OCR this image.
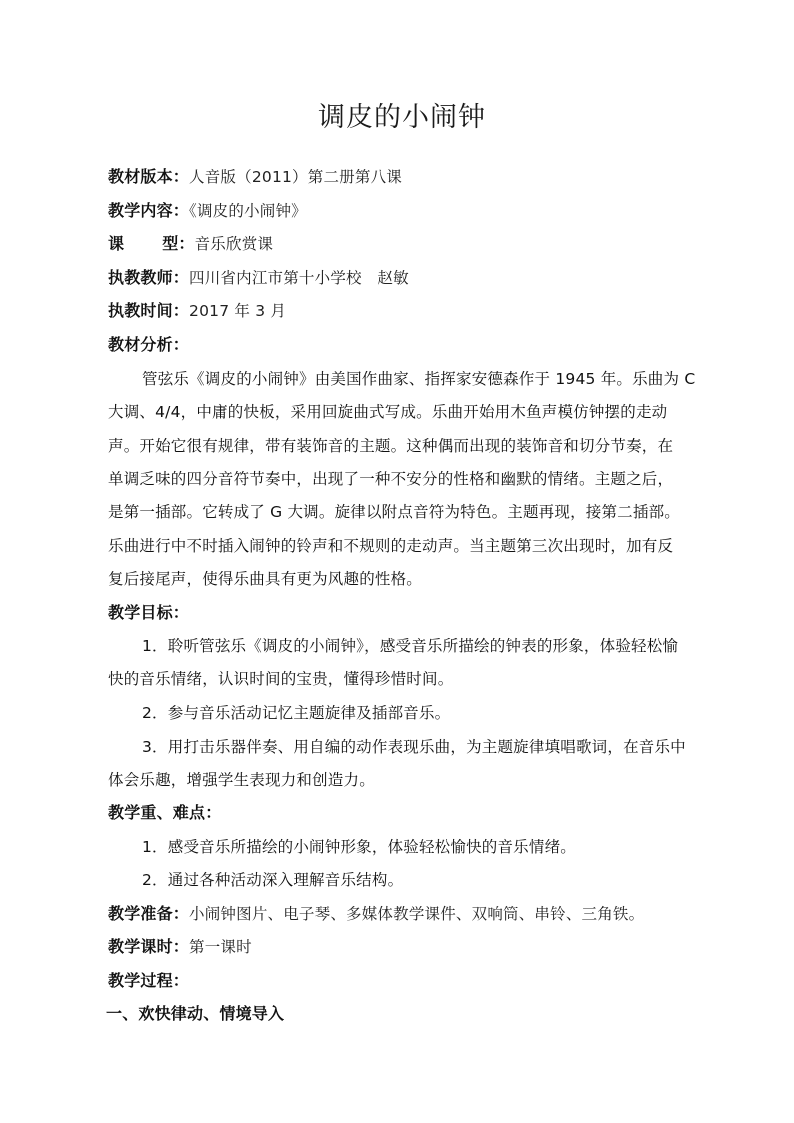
调皮的小闹钟
教材版本：人音版（2011）第二册第八课
教学内容：《调皮的小闹钟》
课 型：音乐欣赏课
执教教师：四川省内江市第十小学校　赵敏
执教时间：2017 年 3 月
教材分析：
管弦乐《调皮的小闹钟》由美国作曲家、指挥家安德森作于 1945 年。乐曲为 C
大调、4/4，中庸的快板，采用回旋曲式写成。乐曲开始用木鱼声模仿钟摆的走动
声。开始它很有规律，带有装饰音的主题。这种偶而出现的装饰音和切分节奏，在
单调乏味的四分音符节奏中，出现了一种不安分的性格和幽默的情绪。主题之后，
是第一插部。它转成了 G 大调。旋律以附点音符为特色。主题再现，接第二插部。
乐曲进行中不时插入闹钟的铃声和不规则的走动声。当主题第三次出现时，加有反
复后接尾声，使得乐曲具有更为风趣的性格。
教学目标：
1．聆听管弦乐《调皮的小闹钟》，感受音乐所描绘的钟表的形象，体验轻松愉
快的音乐情绪，认识时间的宝贵，懂得珍惜时间。
2．参与音乐活动记忆主题旋律及插部音乐。
3．用打击乐器伴奏、用自编的动作表现乐曲，为主题旋律填唱歌词，在音乐中
体会乐趣，增强学生表现力和创造力。
教学重、难点：
1．感受音乐所描绘的小闹钟形象，体验轻松愉快的音乐情绪。
2．通过各种活动深入理解音乐结构。
教学准备：小闹钟图片、电子琴、多媒体教学课件、双响筒、串铃、三角铁。
教学课时：第一课时
教学过程：
一、欢快律动、情境导入
